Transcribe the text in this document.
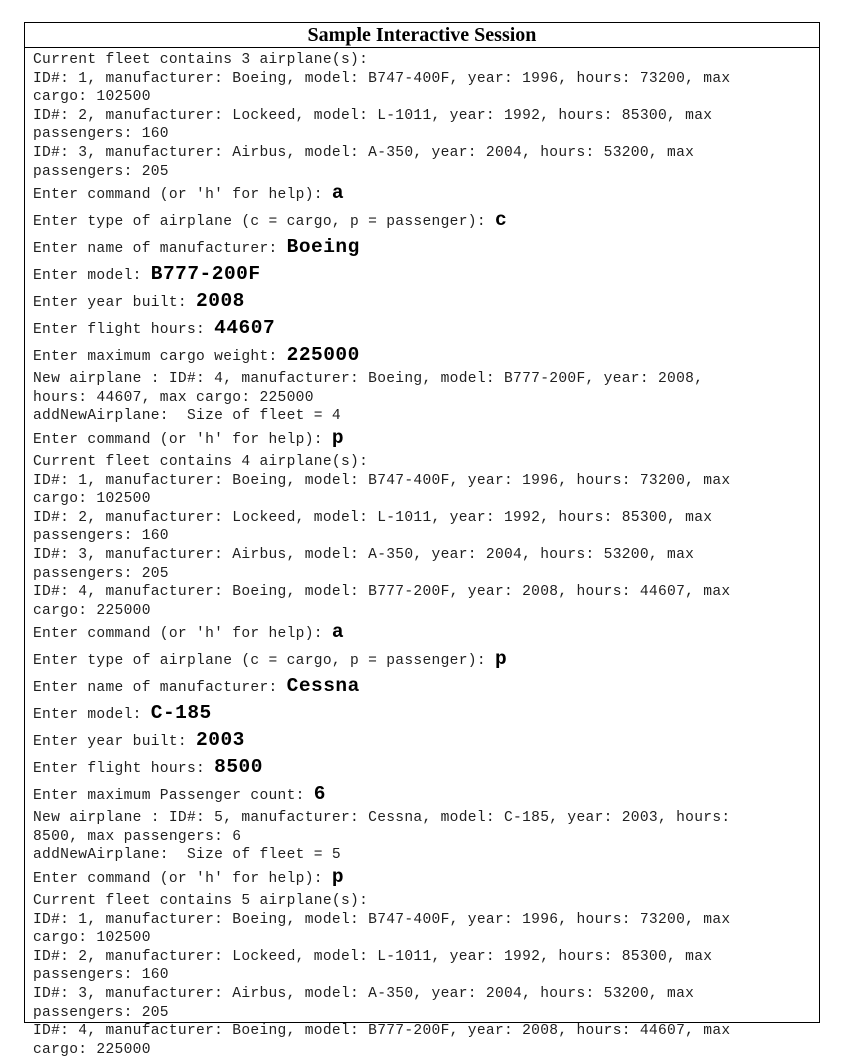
Sample Interactive Session
Current fleet contains 3 airplane(s):
ID#: 1, manufacturer: Boeing, model: B747-400F, year: 1996, hours: 73200, max
cargo: 102500
ID#: 2, manufacturer: Lockeed, model: L-1011, year: 1992, hours: 85300, max
passengers: 160
ID#: 3, manufacturer: Airbus, model: A-350, year: 2004, hours: 53200, max
passengers: 205
Enter command (or 'h' for help): a
Enter type of airplane (c = cargo, p = passenger): c
Enter name of manufacturer: Boeing
Enter model: B777-200F
Enter year built: 2008
Enter flight hours: 44607
Enter maximum cargo weight: 225000
New airplane : ID#: 4, manufacturer: Boeing, model: B777-200F, year: 2008,
hours: 44607, max cargo: 225000
addNewAirplane:  Size of fleet = 4
Enter command (or 'h' for help): p
Current fleet contains 4 airplane(s):
ID#: 1, manufacturer: Boeing, model: B747-400F, year: 1996, hours: 73200, max
cargo: 102500
ID#: 2, manufacturer: Lockeed, model: L-1011, year: 1992, hours: 85300, max
passengers: 160
ID#: 3, manufacturer: Airbus, model: A-350, year: 2004, hours: 53200, max
passengers: 205
ID#: 4, manufacturer: Boeing, model: B777-200F, year: 2008, hours: 44607, max
cargo: 225000
Enter command (or 'h' for help): a
Enter type of airplane (c = cargo, p = passenger): p
Enter name of manufacturer: Cessna
Enter model: C-185
Enter year built: 2003
Enter flight hours: 8500
Enter maximum Passenger count: 6
New airplane : ID#: 5, manufacturer: Cessna, model: C-185, year: 2003, hours:
8500, max passengers: 6
addNewAirplane:  Size of fleet = 5
Enter command (or 'h' for help): p
Current fleet contains 5 airplane(s):
ID#: 1, manufacturer: Boeing, model: B747-400F, year: 1996, hours: 73200, max
cargo: 102500
ID#: 2, manufacturer: Lockeed, model: L-1011, year: 1992, hours: 85300, max
passengers: 160
ID#: 3, manufacturer: Airbus, model: A-350, year: 2004, hours: 53200, max
passengers: 205
ID#: 4, manufacturer: Boeing, model: B777-200F, year: 2008, hours: 44607, max
cargo: 225000
